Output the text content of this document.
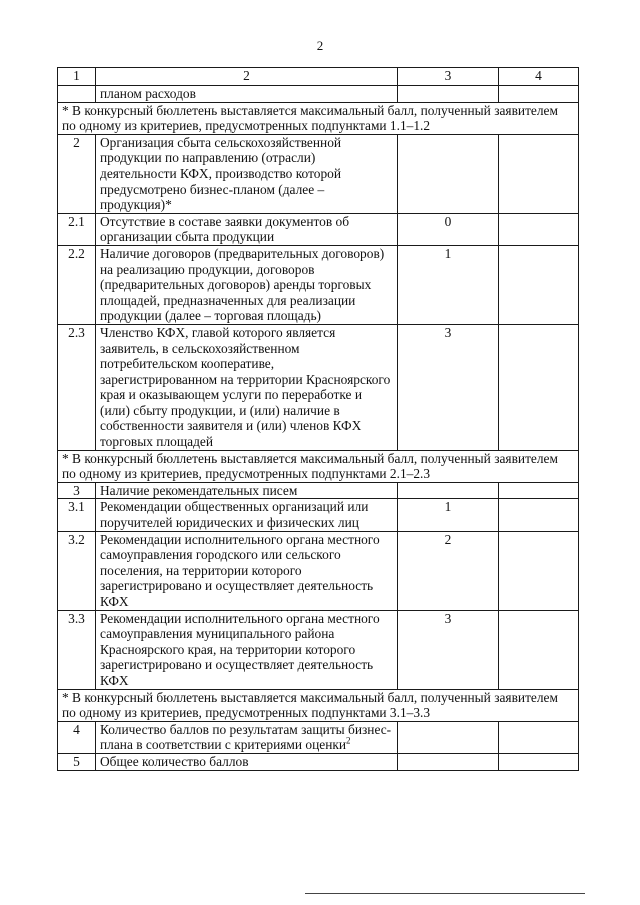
2
1	2	3	4
	планом расходов		
* В конкурсный бюллетень выставляется максимальный балл, полученный заявителем по одному из критериев, предусмотренных подпунктами 1.1–1.2			
2	Организация сбыта сельскохозяйственной продукции по направлению (отрасли) деятельности КФХ, производство которой предусмотрено бизнес-планом (далее – продукция)*		
2.1	Отсутствие в составе заявки документов об организации сбыта продукции	0	
2.2	Наличие договоров (предварительных договоров) на реализацию продукции, договоров (предварительных договоров) аренды торговых площадей, предназначенных для реализации продукции (далее – торговая площадь)	1	
2.3	Членство КФХ, главой которого является заявитель, в сельскохозяйственном потребительском кооперативе, зарегистрированном на территории Красноярского края и оказывающем услуги по переработке и (или) сбыту продукции, и (или) наличие в собственности заявителя и (или) членов КФХ торговых площадей	3	
* В конкурсный бюллетень выставляется максимальный балл, полученный заявителем по одному из критериев, предусмотренных подпунктами 2.1–2.3			
3	Наличие рекомендательных писем		
3.1	Рекомендации общественных организаций или поручителей юридических и физических лиц	1	
3.2	Рекомендации исполнительного органа местного самоуправления городского или сельского поселения, на территории которого зарегистрировано и осуществляет деятельность КФХ	2	
3.3	Рекомендации исполнительного органа местного самоуправления муниципального района Красноярского края, на территории которого зарегистрировано и осуществляет деятельность КФХ	3	
* В конкурсный бюллетень выставляется максимальный балл, полученный заявителем по одному из критериев, предусмотренных подпунктами 3.1–3.3			
4	Количество баллов по результатам защиты бизнес-плана в соответствии с критериями оценки$^2$		
5	Общее количество баллов		
